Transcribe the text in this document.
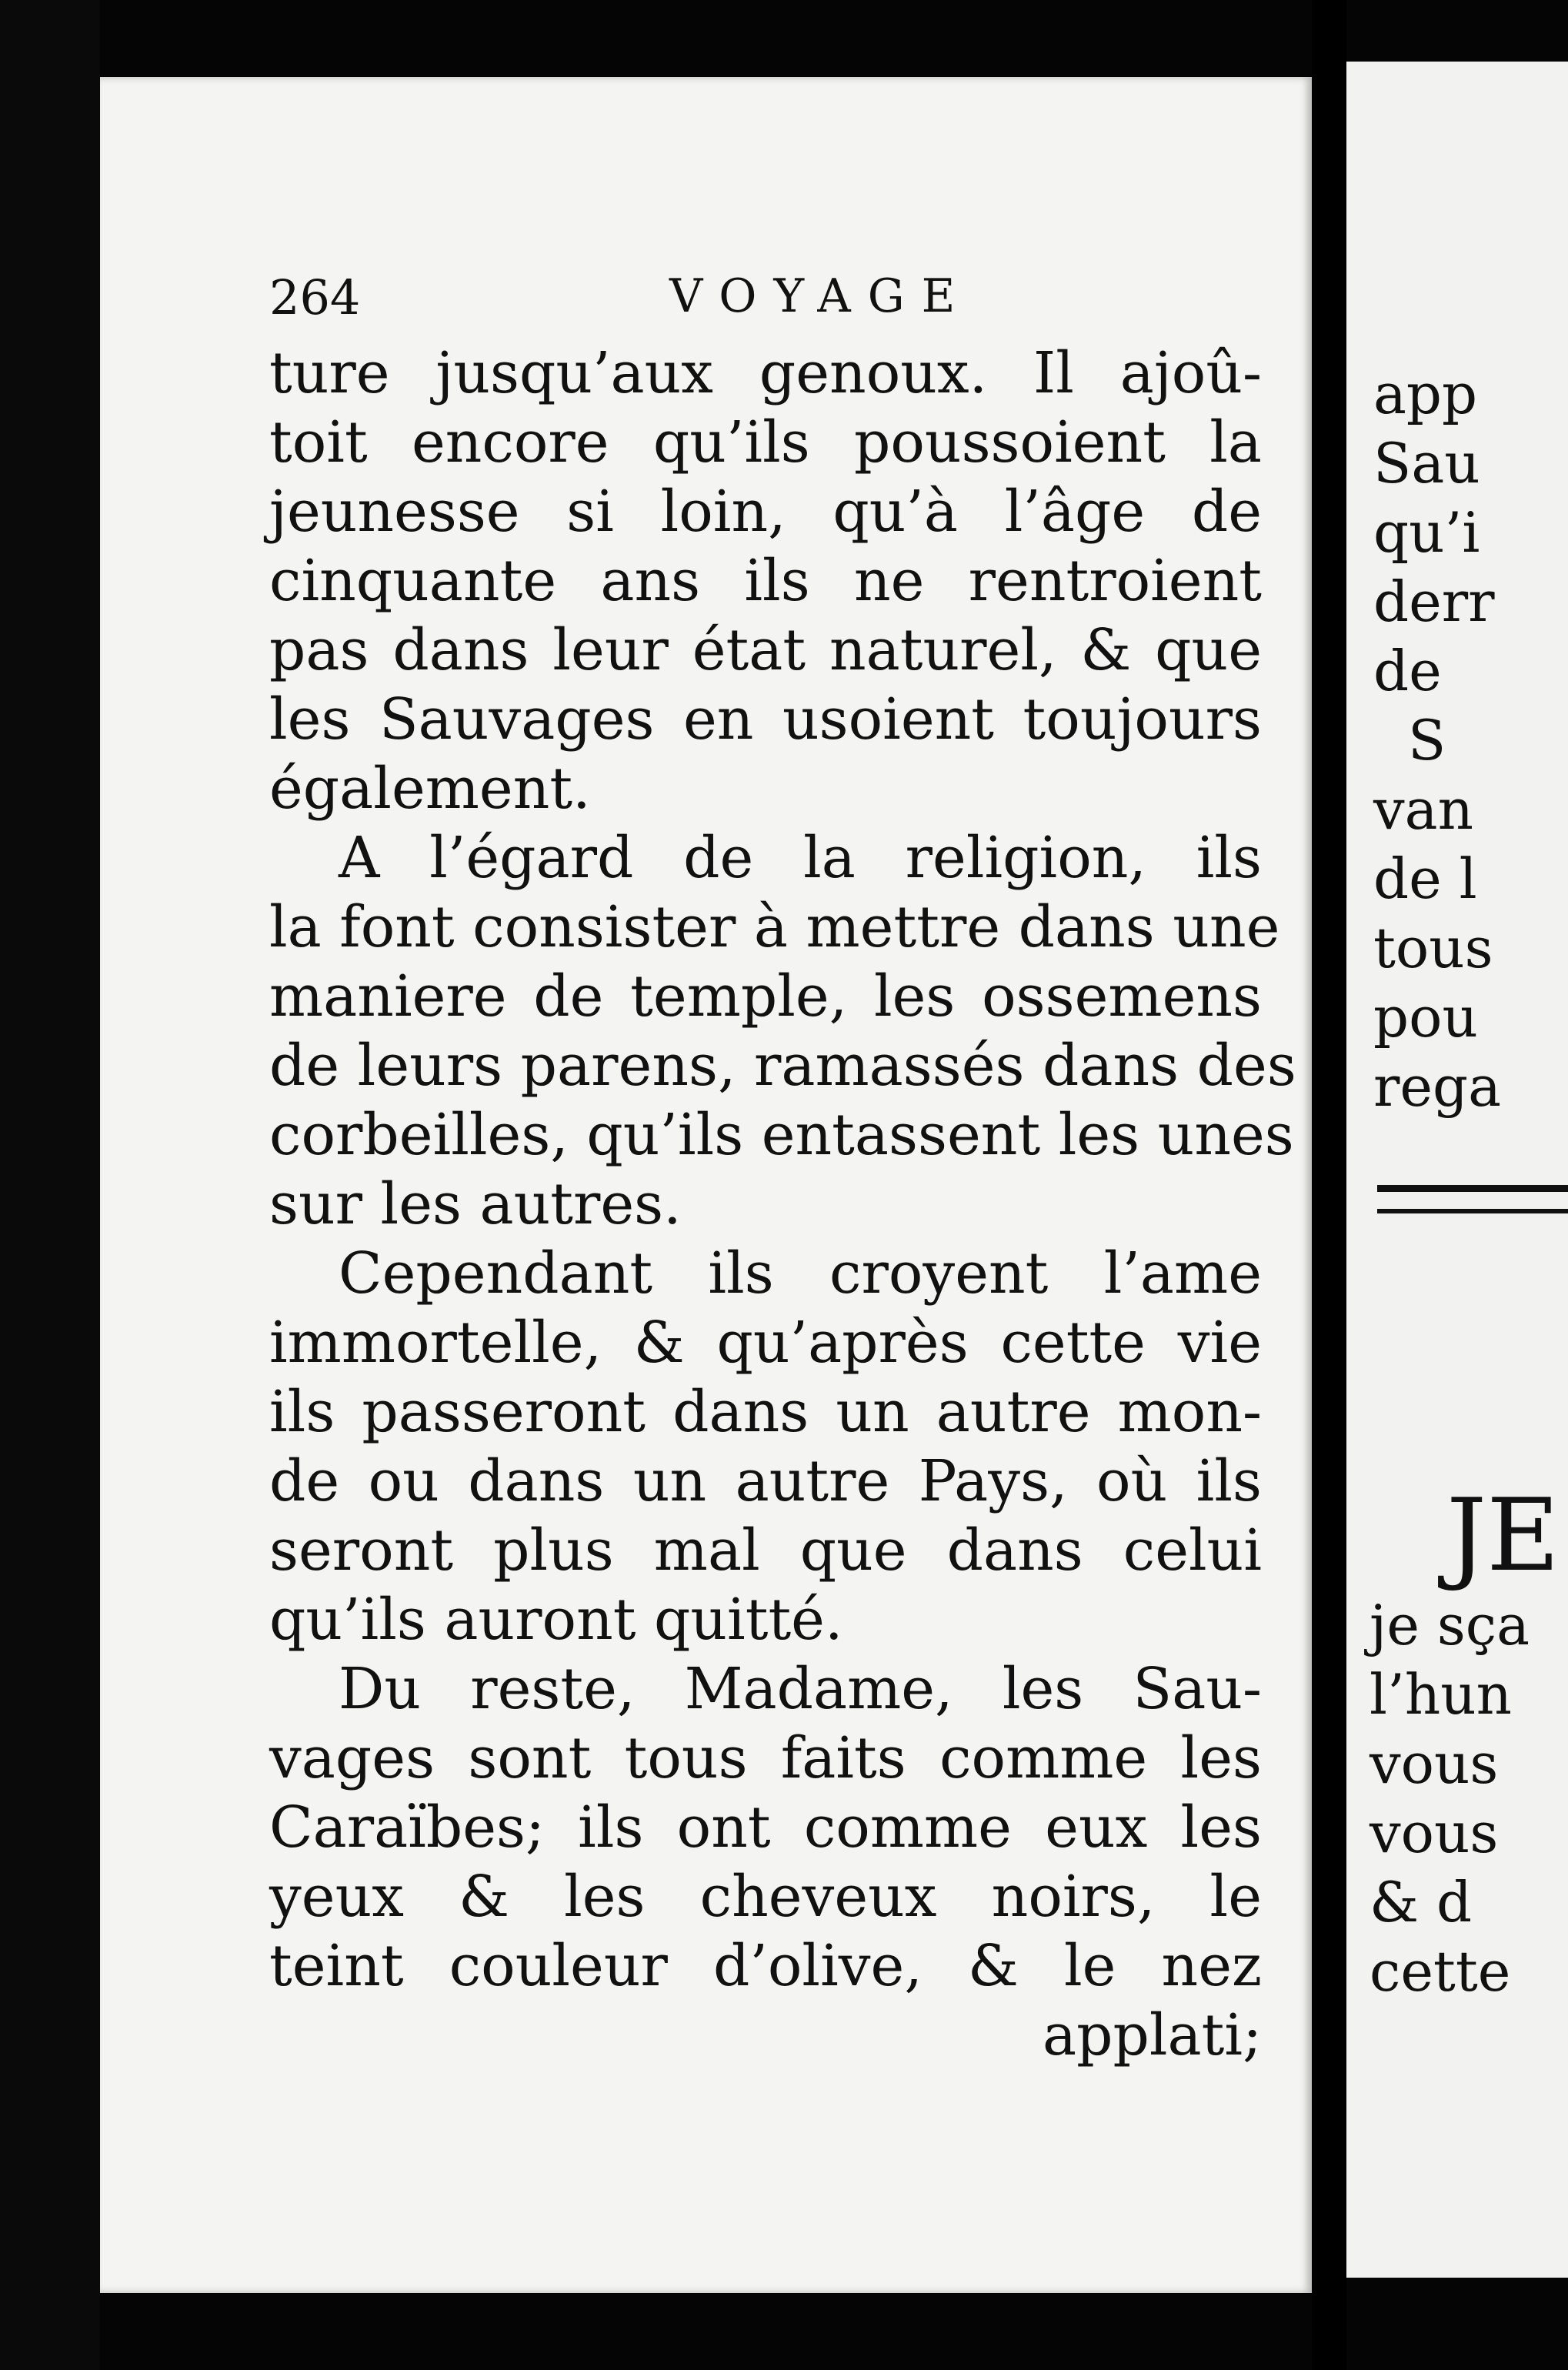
264	VOYAGE
ture jusqu’aux genoux. Il ajoû-
toit encore qu’ils poussoient la
jeunesse si loin, qu’à l’âge de
cinquante ans ils ne rentroient
pas dans leur état naturel, & que
les Sauvages en usoient toujours
également.
A l’égard de la religion, ils
la font consister à mettre dans une
maniere de temple, les ossemens
de leurs parens, ramassés dans des
corbeilles, qu’ils entassent les unes
sur les autres.
Cependant ils croyent l’ame
immortelle, & qu’après cette vie
ils passeront dans un autre mon-
de ou dans un autre Pays, où ils
seront plus mal que dans celui
qu’ils auront quitté.
Du reste, Madame, les Sau-
vages sont tous faits comme les
Caraïbes; ils ont comme eux les
yeux & les cheveux noirs, le
teint couleur d’olive, & le nez
applati;
JE
app
Sau
qu’i
derr
de
S
van
de l
tous
pou
rega
je sça
l’hun
vous
vous
& d
cette
